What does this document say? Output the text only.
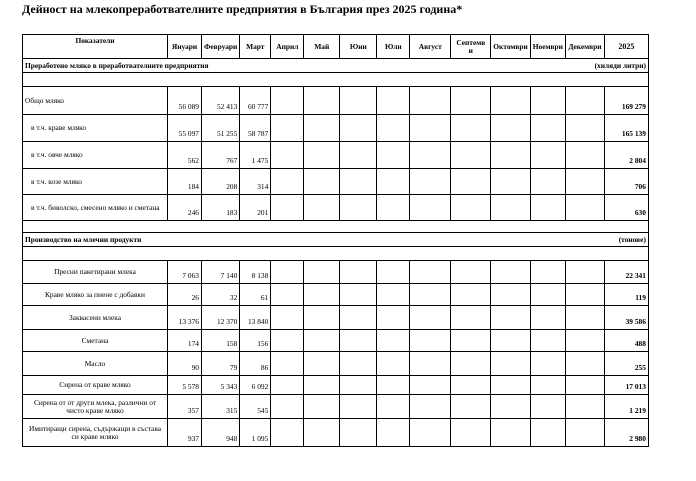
Дейност на млекопреработвателните предприятия в България през 2025 година*
Показатели	Януари	Февруари	Март	Април	Май	Юни	Юли	Август	Септемв
и	Октомври	Ноември	Декември	2025
Преработено мляко в преработвателните предприятия										(хиляди литри)			

Общо мляко	56 089	52 413	60 777										169 279
в т.ч. краве мляко	55 097	51 255	58 787										165 139
в т.ч. овче мляко	562	767	1 475										2 804
в т.ч. козе мляко	184	208	314										706
в т.ч. биволско, смесено мляко и сметана	246	183	201										630

Производство на млечни продукти										(тонове)			

Пресни пакетирани млека	7 063	7 140	8 138										22 341
Краве мляко за пиене с добавки	26	32	61										119
Заквасени млека	13 376	12 370	13 840										39 586
Сметана	174	158	156										488
Масло	90	79	86										255
Сирена от краве мляко	5 578	5 343	6 092										17 013
Сирена от от други млека, различни от чисто краве мляко	357	315	545										1 219
Имитиращи сирена, съдържащи в състава си краве мляко	937	948	1 095										2 980
